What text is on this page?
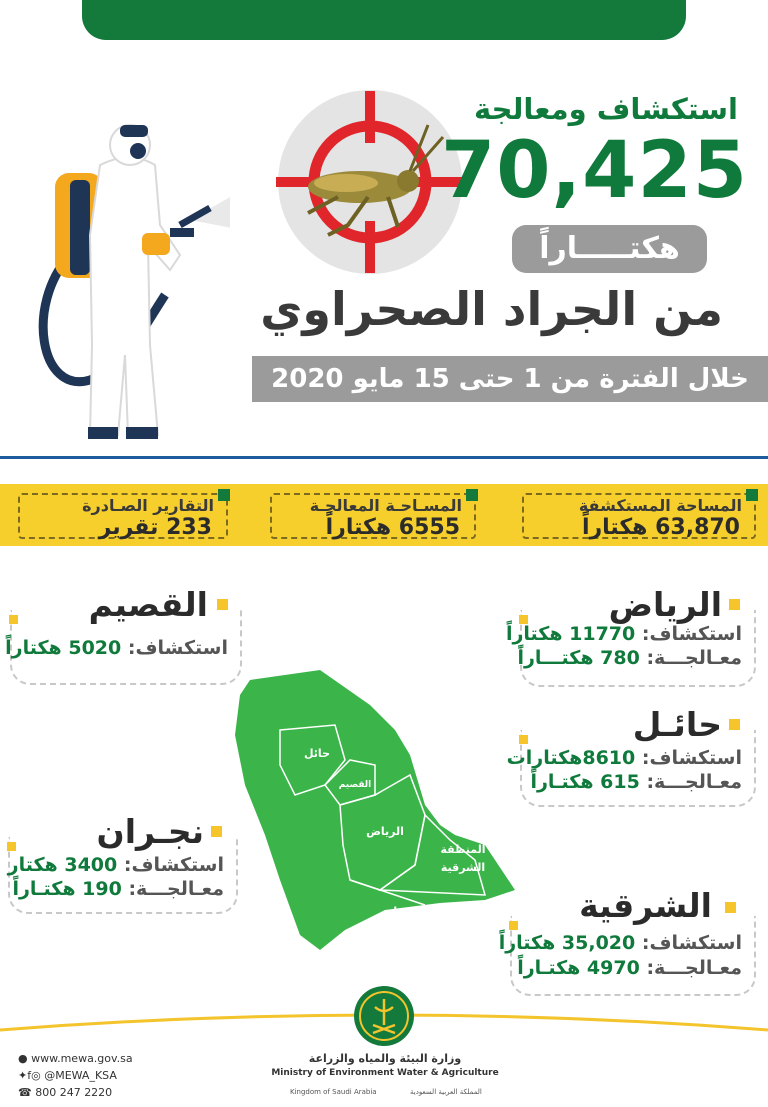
استكشاف ومعالجة
70,425
هكتـــــاراً
من الجراد الصحراوي
خلال الفترة من 1 حتى 15 مايو 2020
المساحة المستكشفة
63,870 هكتاراً
المسـاحـة المعالجـة
6555 هكتاراً
التقارير الصـادرة
233 تقرير
حائل
القصيم
الرياض
المنطقة
الشرقية
نجران
القصيم
استكشاف: 5020 هكتاراً
الرياض
استكشاف: 11770 هكتاراً
معـالجـــة: 780 هكتـــاراً
حائـل
استكشاف: 8610هكتارات
معـالجـــة: 615 هكتـاراً
نجـران
استكشاف: 3400 هكتار
معـالجـــة: 190 هكتـاراً	الشرقية
استكشاف: 35,020 هكتاراً
معـالجـــة: 4970 هكتـاراً
وزارة البيئة والمياه والزراعة
Ministry of Environment Water & Agriculture
Kingdom of Saudi Arabia	المملكة العربية السعودية
● www.mewa.gov.sa
✦f◎ @MEWA_KSA
☎ 800 247 2220
